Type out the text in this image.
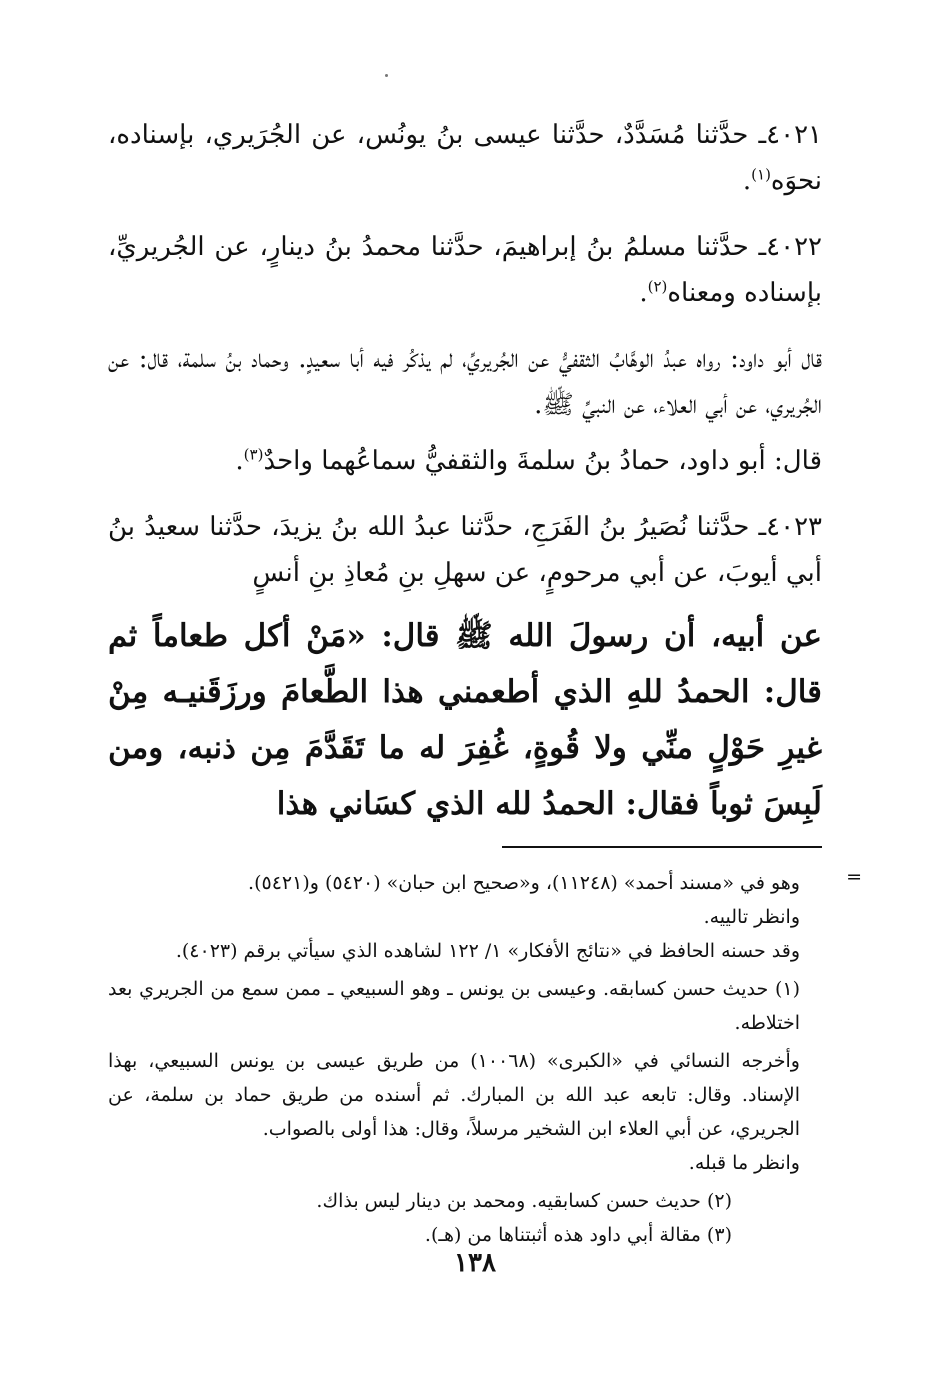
٤٠٢١ـ حدَّثنا مُسَدَّدٌ، حدَّثنا عيسى بنُ يونُس، عن الجُرَيري، بإسناده، نحوَه$^{(١)}$.

٤٠٢٢ـ حدَّثنا مسلمُ بنُ إبراهيمَ، حدَّثنا محمدُ بنُ دينارٍ، عن الجُريريِّ، بإسناده ومعناه$^{(٢)}$.

قال أبو داود: رواه عبدُ الوهَّابُ الثقفيُّ عن الجُريريِّ، لم يذكُر فيه أبا سعيدٍ. وحماد بنُ سلمة، قال: عن الجُريري، عن أبي العلاء، عن النبيِّ ﷺ.

قال: أبو داود، حمادُ بنُ سلمةَ والثقفيُّ سماعُهما واحدٌ$^{(٣)}$.

٤٠٢٣ـ حدَّثنا نُصَيرُ بنُ الفَرَجِ، حدَّثنا عبدُ الله بنُ يزيدَ، حدَّثنا سعيدُ بنُ أبي أيوبَ، عن أبي مرحومٍ، عن سهلِ بنِ مُعاذِ بنِ أنسٍ

عن أبيه، أن رسولَ الله ﷺ قال: «مَنْ أكل طعاماً ثم قال: الحمدُ للهِ الذي أطعمني هذا الطَّعامَ ورزَقَنيـه مِنْ غيرِ حَوْلٍ منِّي ولا قُوةٍ، غُفِرَ له ما تَقَدَّمَ مِن ذنبه، ومن لَبِسَ ثوباً فقال: الحمدُ لله الذي كسَاني هذا

=

وهو في «مسند أحمد» (١١٢٤٨)، و«صحيح ابن حبان» (٥٤٢٠) و(٥٤٢١).

وانظر تالييه.

وقد حسنه الحافظ في «نتائج الأفكار» ١/ ١٢٢ لشاهده الذي سيأتي برقم (٤٠٢٣).

(١) حديث حسن كسابقه. وعيسى بن يونس ـ وهو السبيعي ـ ممن سمع من الجريري بعد اختلاطه.

وأخرجه النسائي في «الكبرى» (١٠٠٦٨) من طريق عيسى بن يونس السبيعي، بهذا الإسناد. وقال: تابعه عبد الله بن المبارك. ثم أسنده من طريق حماد بن سلمة، عن الجريري، عن أبي العلاء ابن الشخير مرسلاً، وقال: هذا أولى بالصواب.

وانظر ما قبله.

(٢) حديث حسن كسابقيه. ومحمد بن دينار ليس بذاك.

(٣) مقالة أبي داود هذه أثبتناها من (هـ).

١٣٨
